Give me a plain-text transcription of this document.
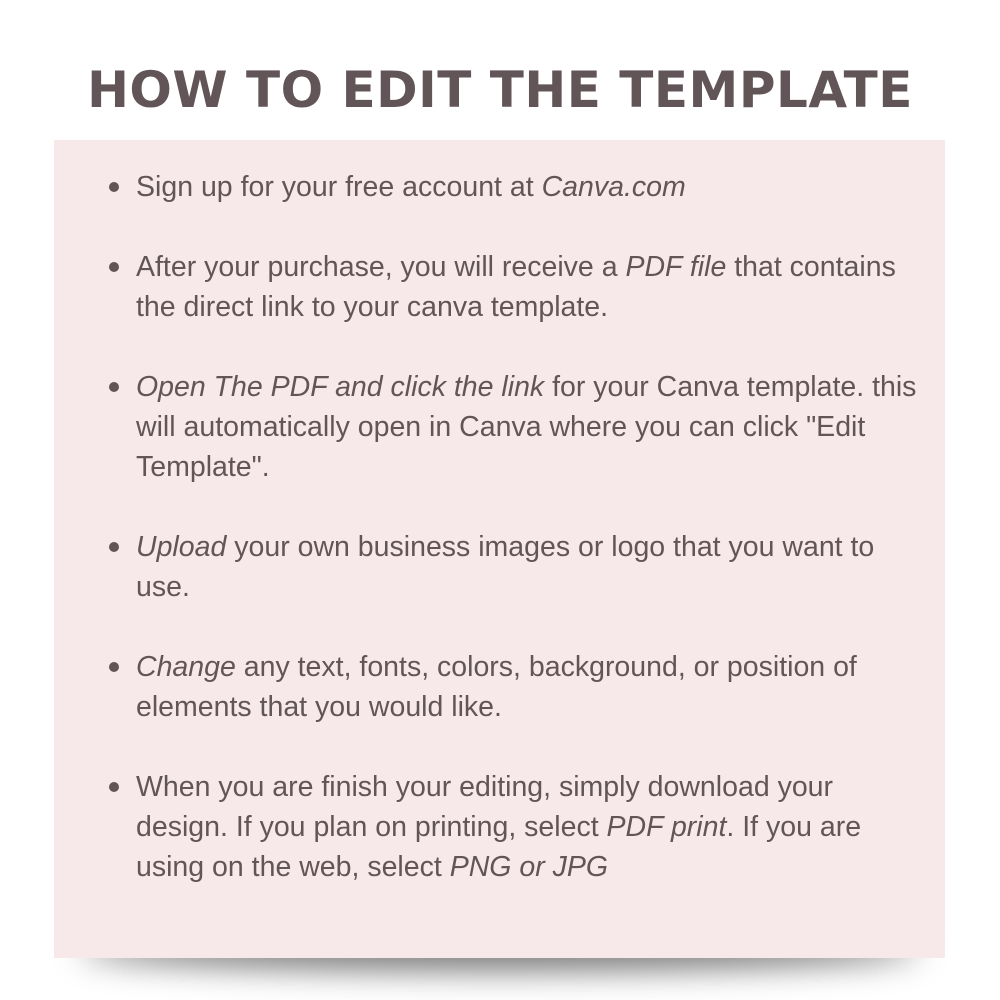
HOW TO EDIT THE TEMPLATE
Sign up for your free account at Canva.com
After your purchase, you will receive a PDF file that contains the direct link to your canva template.
Open The PDF and click the link for your Canva template. this will automatically open in Canva where you can click "Edit Template".
Upload your own business images or logo that you want to use.
Change any text, fonts, colors, background, or position of elements that you would like.
When you are finish your editing, simply download your design. If you plan on printing, select PDF print. If you are using on the web, select PNG or JPG
